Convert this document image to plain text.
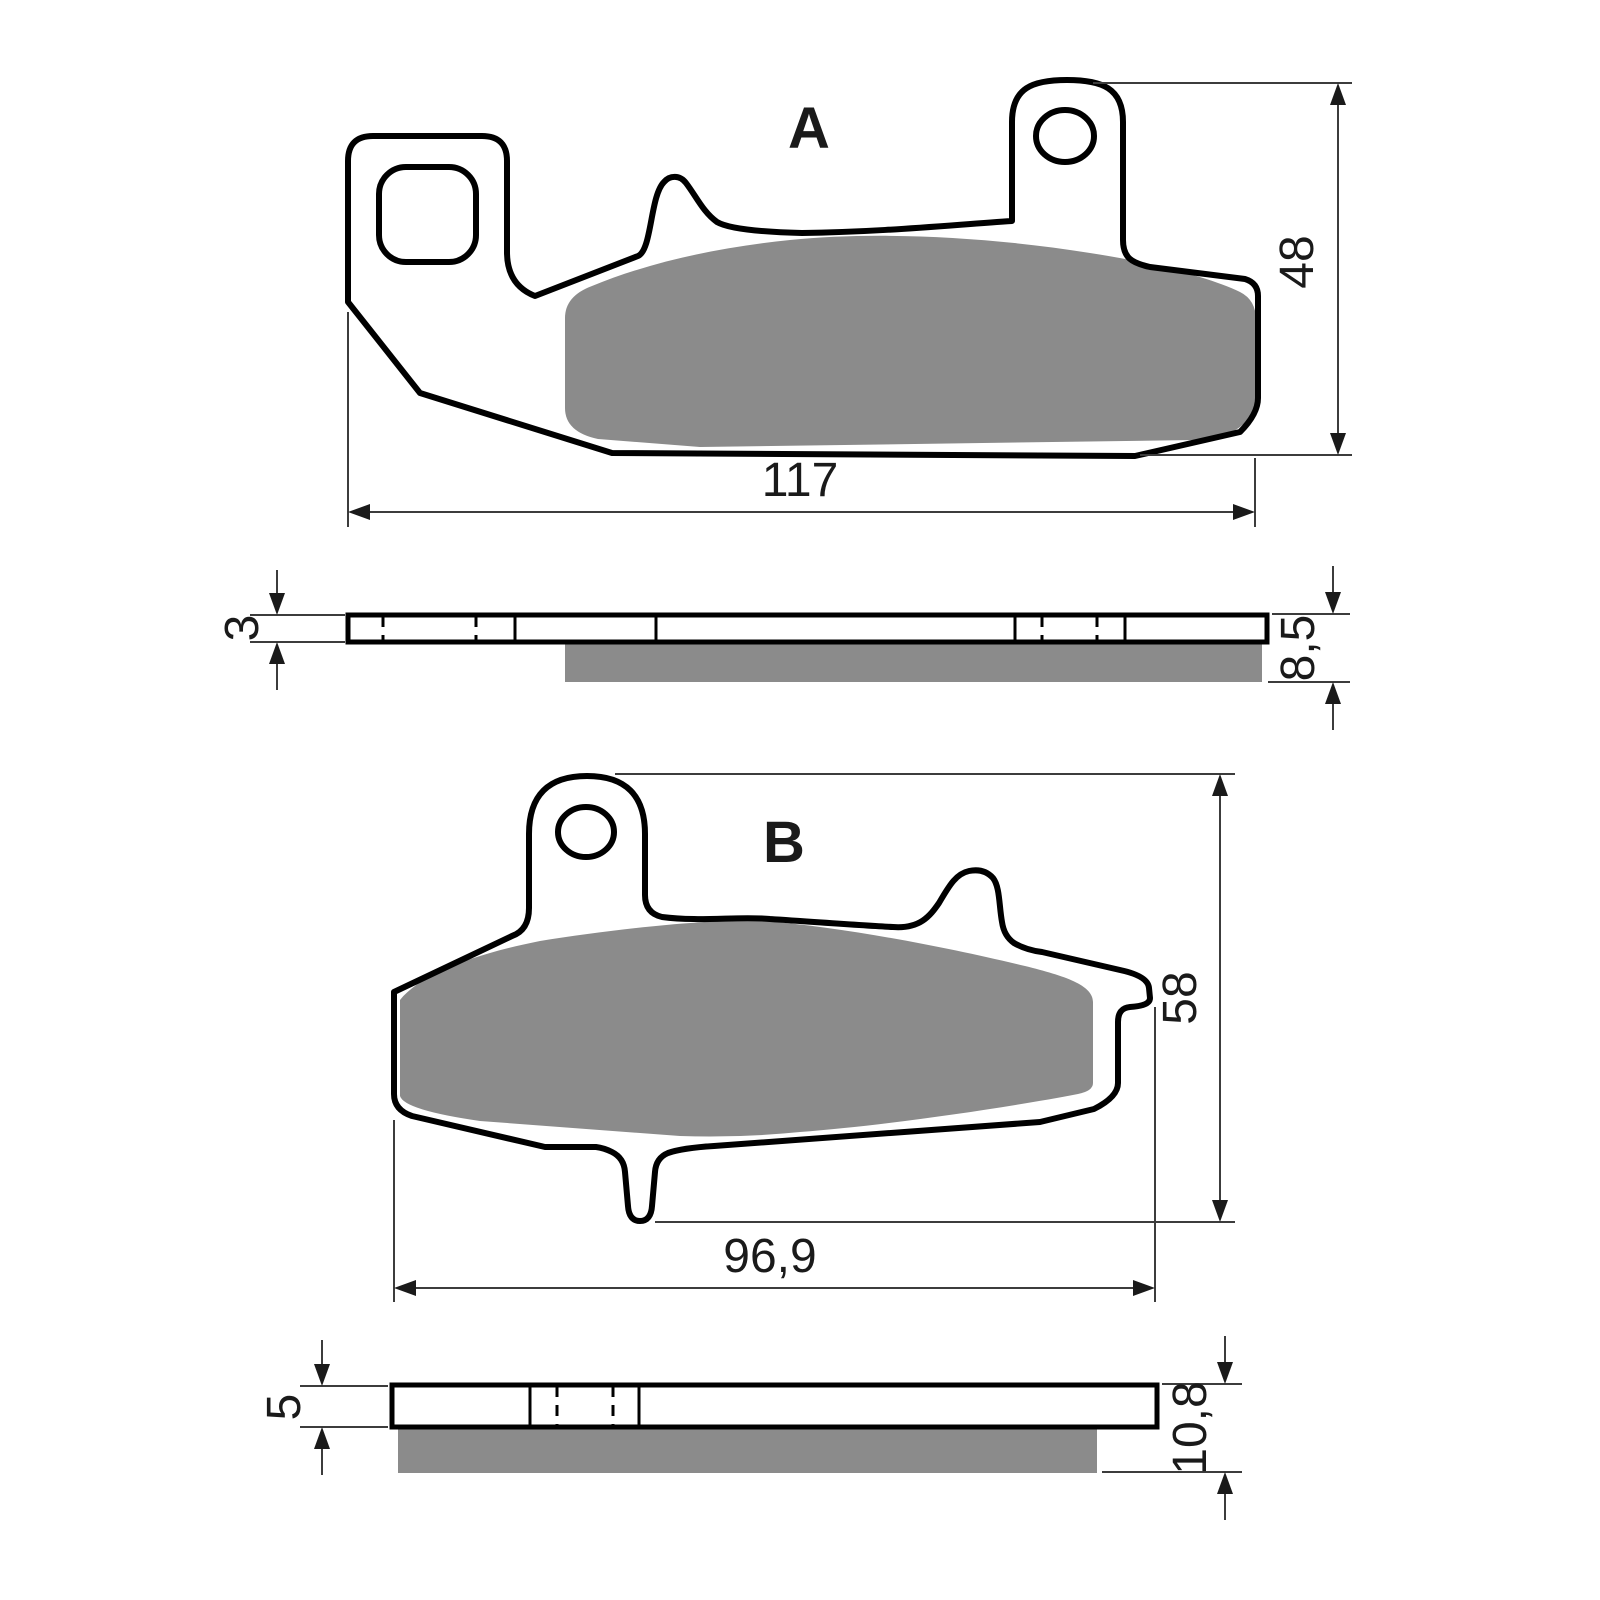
A
117
48
3	8,5
B
58
96,9
5	10,8
